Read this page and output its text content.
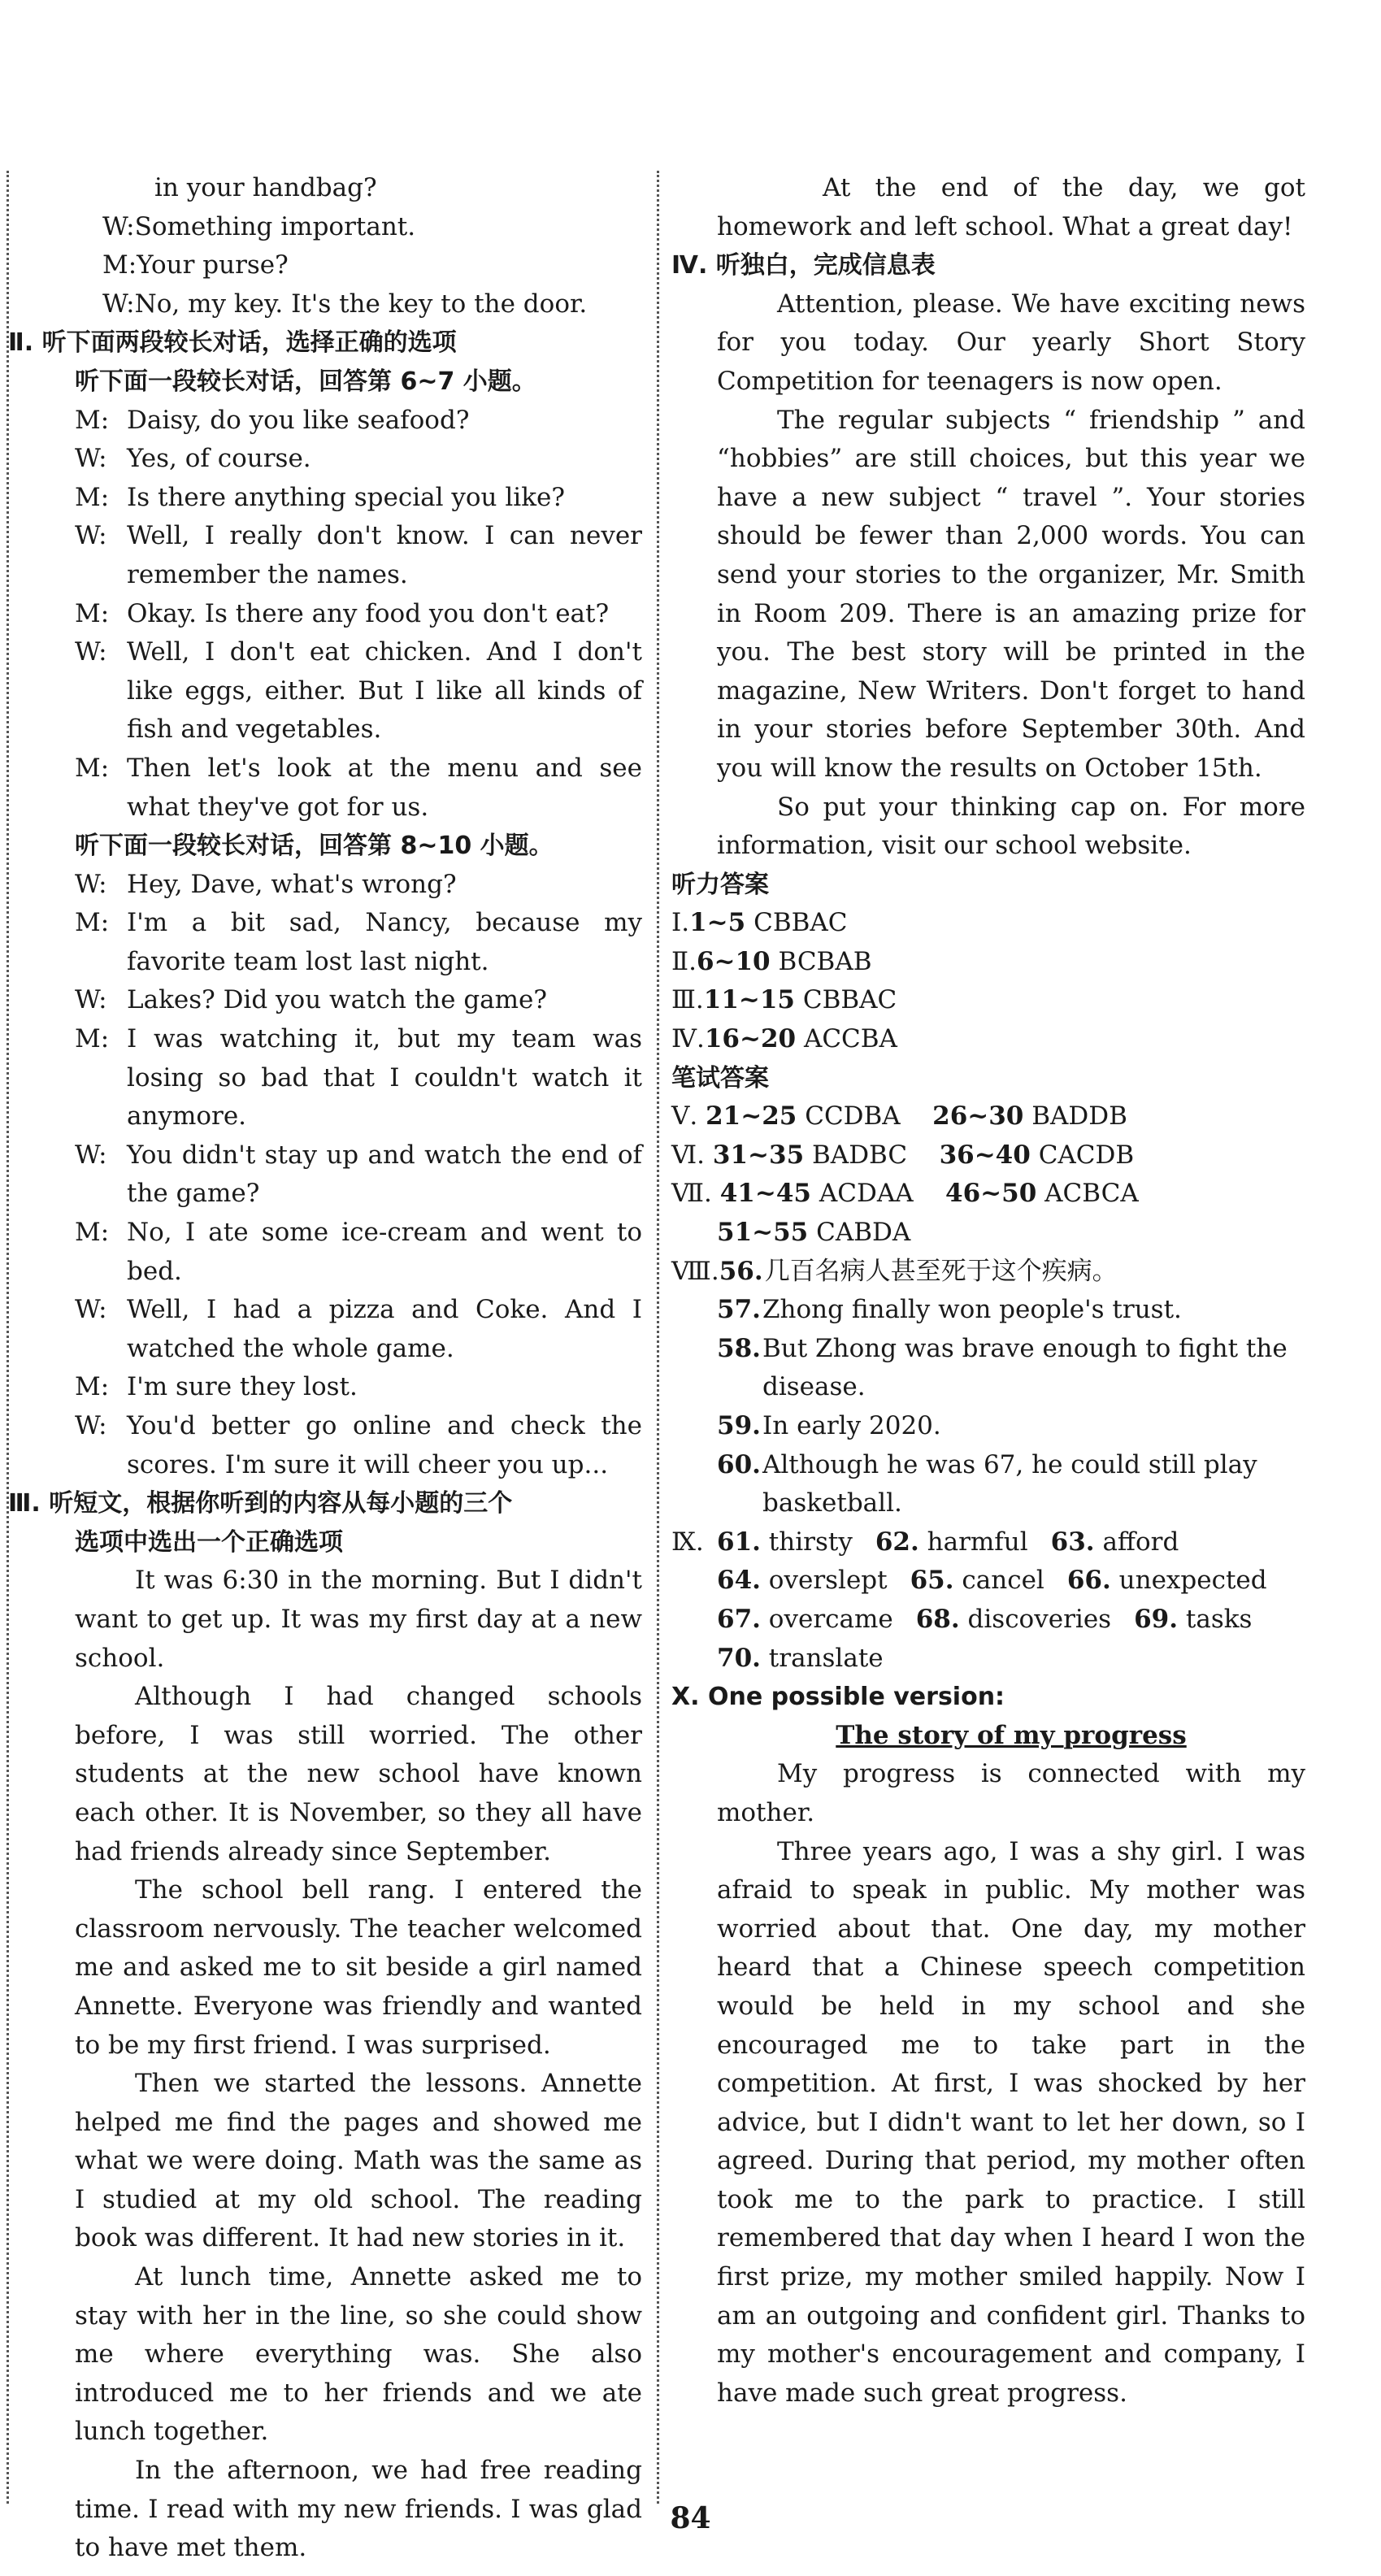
in your handbag?
W:Something important.
M:Your purse?
W:No, my key. It's the key to the door.
Ⅱ. 听下面两段较长对话，选择正确的选项
听下面一段较长对话，回答第 6~7 小题。
M: Daisy, do you like seafood?
W: Yes, of course.
M: Is there anything special you like?
W: Well, I really don't know. I can never remember the names.
M: Okay. Is there any food you don't eat?
W: Well, I don't eat chicken. And I don't like eggs, either. But I like all kinds of fish and vegetables.
M: Then let's look at the menu and see what they've got for us.
听下面一段较长对话，回答第 8~10 小题。
W: Hey, Dave, what's wrong?
M: I'm a bit sad, Nancy, because my favorite team lost last night.
W: Lakes? Did you watch the game?
M: I was watching it, but my team was losing so bad that I couldn't watch it anymore.
W: You didn't stay up and watch the end of the game?
M: No, I ate some ice-cream and went to bed.
W: Well, I had a pizza and Coke. And I watched the whole game.
M: I'm sure they lost.
W: You'd better go online and check the scores. I'm sure it will cheer you up...
Ⅲ. 听短文，根据你听到的内容从每小题的三个
选项中选出一个正确选项
It was 6:30 in the morning. But I didn't want to get up. It was my first day at a new school.
Although I had changed schools before, I was still worried. The other students at the new school have known each other. It is November, so they all have had friends already since September.
The school bell rang. I entered the classroom nervously. The teacher welcomed me and asked me to sit beside a girl named Annette. Everyone was friendly and wanted to be my first friend. I was surprised.
Then we started the lessons. Annette helped me find the pages and showed me what we were doing. Math was the same as I studied at my old school. The reading book was different. It had new stories in it.
At lunch time, Annette asked me to stay with her in the line, so she could show me where everything was. She also introduced me to her friends and we ate lunch together.
In the afternoon, we had free reading time. I read with my new friends. I was glad to have met them.
At the end of the day, we got homework and left school. What a great day!
Ⅳ. 听独白，完成信息表
Attention, please. We have exciting news for you today. Our yearly Short Story Competition for teenagers is now open.
The regular subjects “ friendship ” and “hobbies” are still choices, but this year we have a new subject “ travel ”. Your stories should be fewer than 2,000 words. You can send your stories to the organizer, Mr. Smith in Room 209. There is an amazing prize for you. The best story will be printed in the magazine, New Writers. Don't forget to hand in your stories before September 30th. And you will know the results on October 15th.
So put your thinking cap on. For more information, visit our school website.
听力答案
Ⅰ.1~5 CBBAC
Ⅱ.6~10 BCBAB
Ⅲ.11~15 CBBAC
Ⅳ.16~20 ACCBA
笔试答案
Ⅴ. 21~25 CCDBA 26~30 BADDB
Ⅵ. 31~35 BADBC 36~40 CACDB
Ⅶ. 41~45 ACDAA 46~50 ACBCA
51~55 CABDA
Ⅷ. 56. 几百名病人甚至死于这个疾病。
57. Zhong finally won people's trust.
58. But Zhong was brave enough to fight the disease.
59. In early 2020.
60. Although he was 67, he could still play basketball.
Ⅸ. 61. thirsty 62. harmful 63. afford
64. overslept 65. cancel 66. unexpected
67. overcame 68. discoveries 69. tasks
70. translate
Ⅹ. One possible version:
The story of my progress
My progress is connected with my mother.
Three years ago, I was a shy girl. I was afraid to speak in public. My mother was worried about that. One day, my mother heard that a Chinese speech competition would be held in my school and she encouraged me to take part in the competition. At first, I was shocked by her advice, but I didn't want to let her down, so I agreed. During that period, my mother often took me to the park to practice. I still remembered that day when I heard I won the first prize, my mother smiled happily. Now I am an outgoing and confident girl. Thanks to my mother's encouragement and company, I have made such great progress.
84
